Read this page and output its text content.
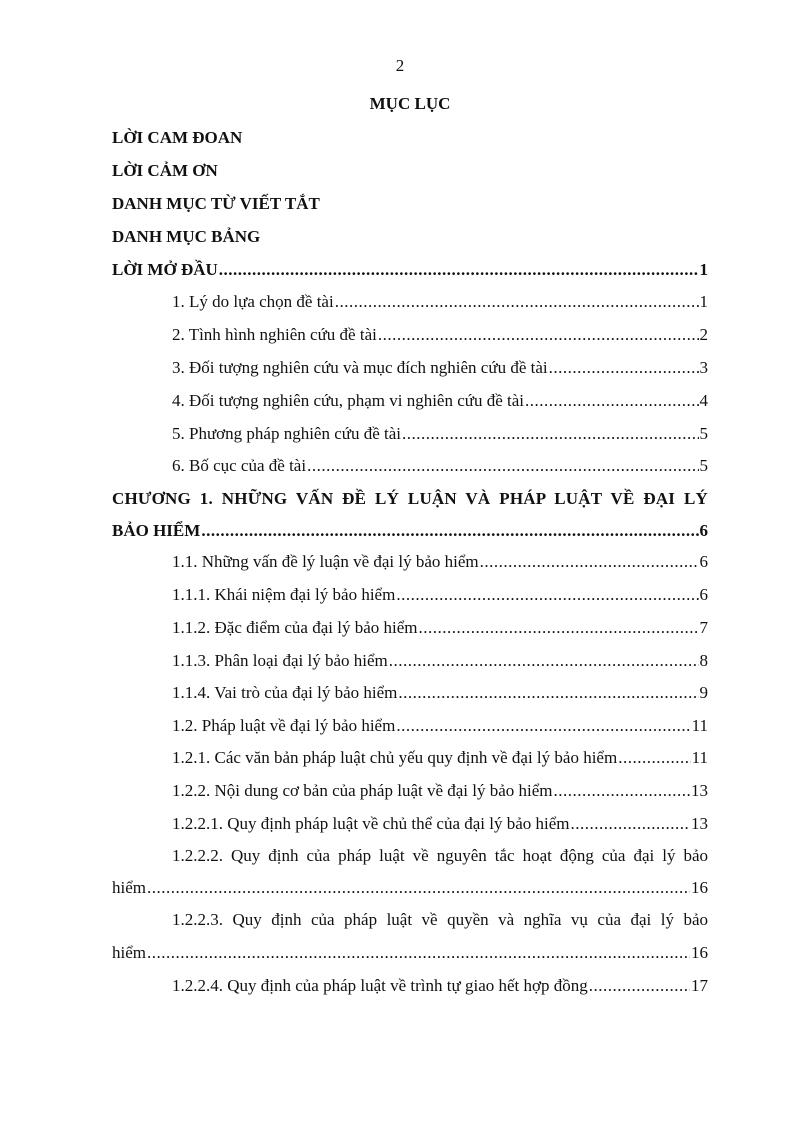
2
MỤC LỤC
LỜI CAM ĐOAN
LỜI CẢM ƠN
DANH MỤC TỪ VIẾT TẮT
DANH MỤC BẢNG
LỜI MỞ ĐẦU .....	1
1. Lý do lựa chọn đề tài .....	1
2. Tình hình nghiên cứu đề tài .....	2
3. Đối tượng nghiên cứu và mục đích nghiên cứu đề tài .....	3
4. Đối tượng nghiên cứu, phạm vi nghiên cứu đề tài .....	4
5. Phương pháp nghiên cứu đề tài .....	5
6. Bố cục của đề tài .....	5
CHƯƠNG 1. NHỮNG VẤN ĐỀ LÝ LUẬN VÀ PHÁP LUẬT VỀ ĐẠI LÝ
BẢO HIỂM .....	6
1.1. Những vấn đề lý luận về đại lý bảo hiểm .....	6
1.1.1. Khái niệm đại lý bảo hiểm .....	6
1.1.2. Đặc điểm của đại lý bảo hiểm .....	7
1.1.3. Phân loại đại lý bảo hiểm .....	8
1.1.4. Vai trò của đại lý bảo hiểm .....	9
1.2. Pháp luật về đại lý bảo hiểm .....	11
1.2.1. Các văn bản pháp luật chủ yếu quy định về đại lý bảo hiểm .....	11
1.2.2. Nội dung cơ bản của pháp luật về đại lý bảo hiểm .....	13
1.2.2.1. Quy định pháp luật về chủ thể của đại lý bảo hiểm .....	13
1.2.2.2. Quy định của pháp luật về nguyên tắc hoạt động của đại lý bảo
hiểm .....	16
1.2.2.3. Quy định của pháp luật về quyền và nghĩa vụ của đại lý bảo
hiểm .....	16
1.2.2.4. Quy định của pháp luật về trình tự giao hết hợp đồng .....	17
